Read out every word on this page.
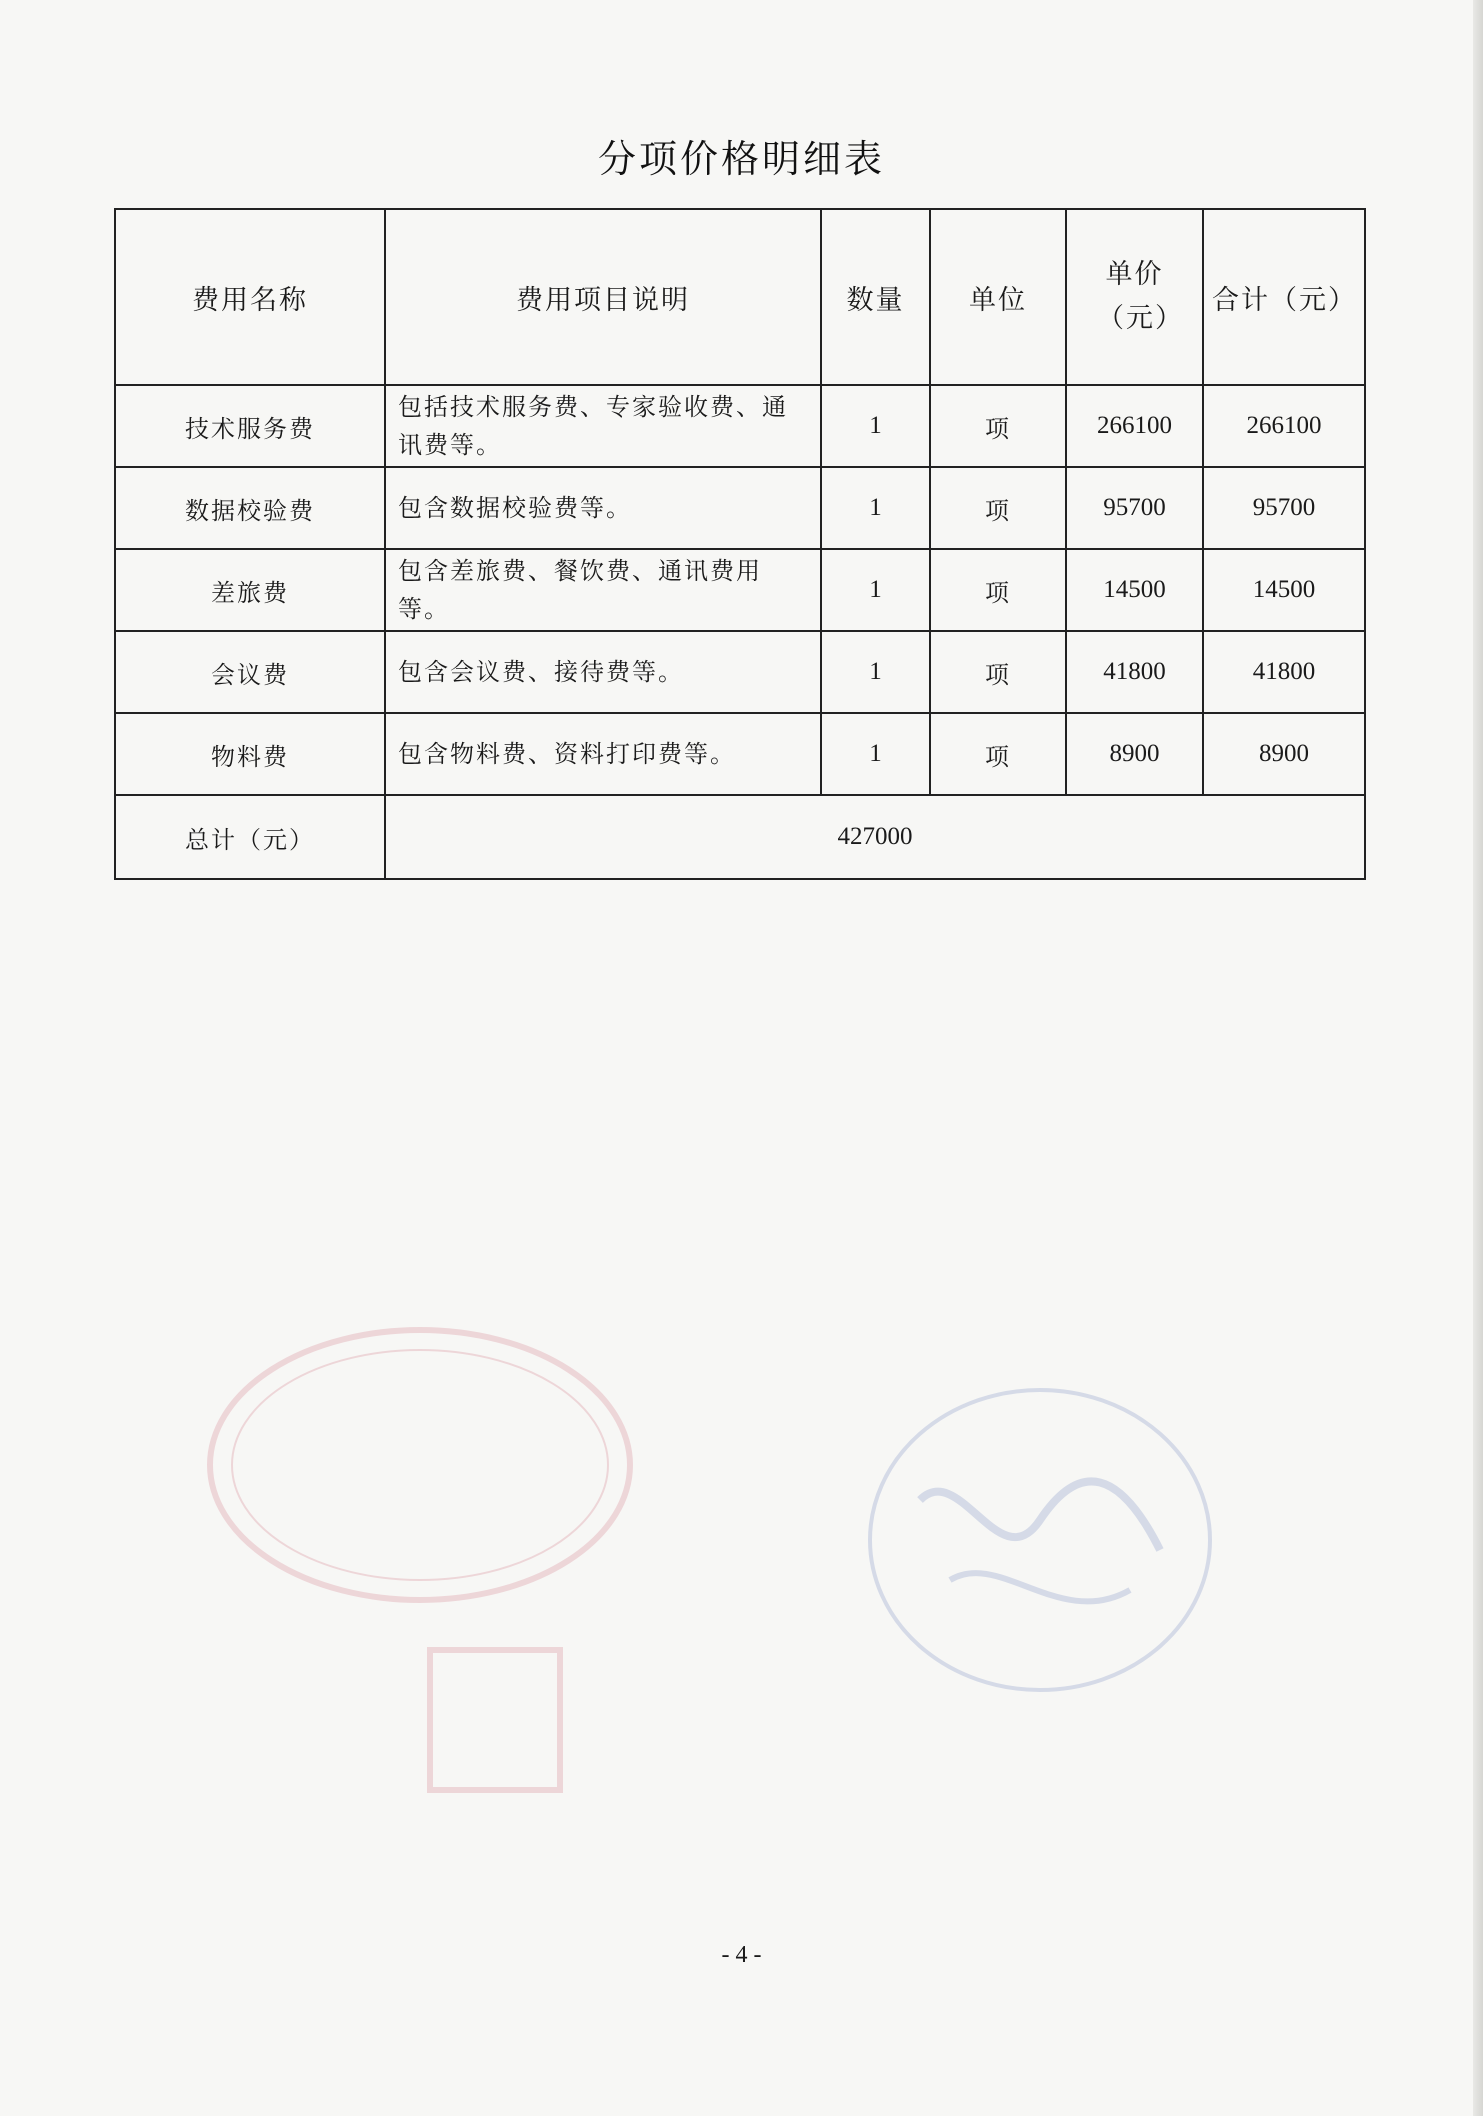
分项价格明细表
费用名称	费用项目说明	数量	单位	单价（元）	合计（元）
技术服务费	包括技术服务费、专家验收费、通讯费等。	1	项	266100	266100
数据校验费	包含数据校验费等。	1	项	95700	95700
差旅费	包含差旅费、餐饮费、通讯费用等。	1	项	14500	14500
会议费	包含会议费、接待费等。	1	项	41800	41800
物料费	包含物料费、资料打印费等。	1	项	8900	8900
总计（元）	427000				
- 4 -
